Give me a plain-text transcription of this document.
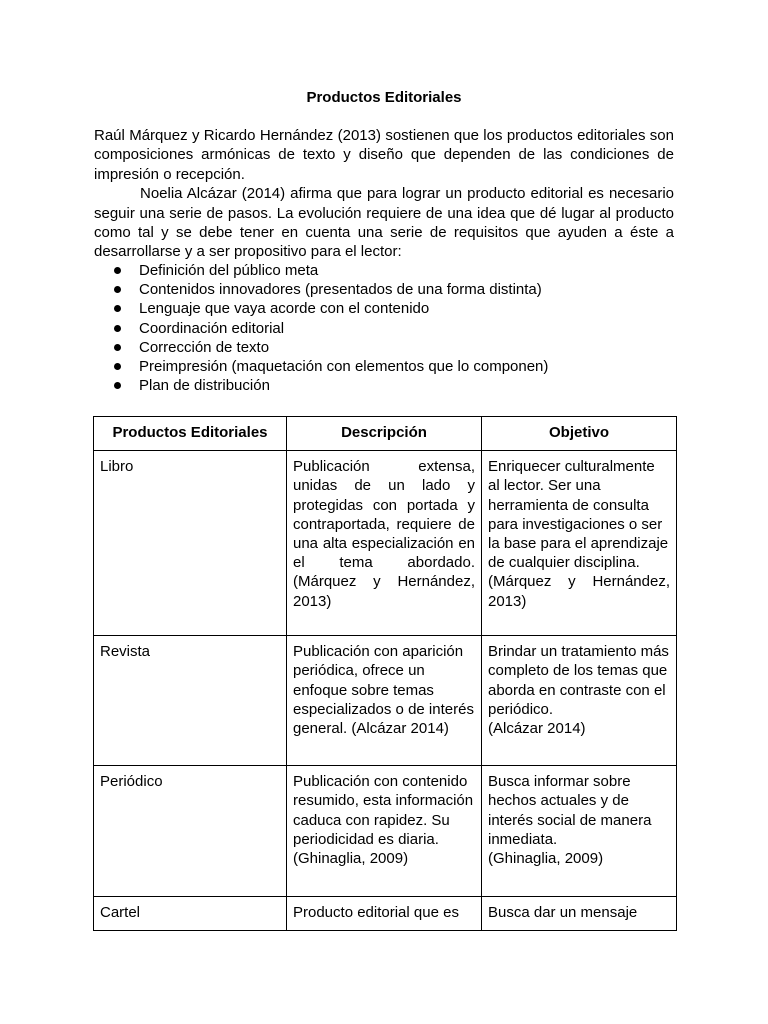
Productos Editoriales

Raúl Márquez y Ricardo Hernández (2013) sostienen que los productos editoriales son composiciones armónicas de texto y diseño que dependen de las condiciones de impresión o recepción.

Noelia Alcázar (2014) afirma que para lograr un producto editorial es necesario seguir una serie de pasos. La evolución requiere de una idea que dé lugar al producto como tal y se debe tener en cuenta una serie de requisitos que ayuden a éste a desarrollarse y a ser propositivo para el lector:

Definición del público meta
Contenidos innovadores (presentados de una forma distinta)
Lenguaje que vaya acorde con el contenido
Coordinación editorial
Corrección de texto
Preimpresión (maquetación con elementos que lo componen)
Plan de distribución
Productos Editoriales	Descripción	Objetivo
Libro	Publicación extensa, unidas de un lado y protegidas con portada y contraportada, requiere de una alta especialización en el tema abordado. (Márquez y Hernández, 2013)	Enriquecer culturalmente al lector. Ser una herramienta de consulta para investigaciones o ser la base para el aprendizaje de cualquier disciplina.
(Márquez y Hernández, 2013)

Revista	Publicación con aparición periódica, ofrece un enfoque sobre temas especializados o de interés general. (Alcázar 2014)	Brindar un tratamiento más completo de los temas que aborda en contraste con el periódico.
(Alcázar 2014)

Periódico	Publicación con contenido resumido, esta información caduca con rapidez. Su periodicidad es diaria. (Ghinaglia, 2009)	Busca informar sobre hechos actuales y de interés social de manera inmediata.
(Ghinaglia, 2009)

Cartel	Producto editorial que es	Busca dar un mensaje
